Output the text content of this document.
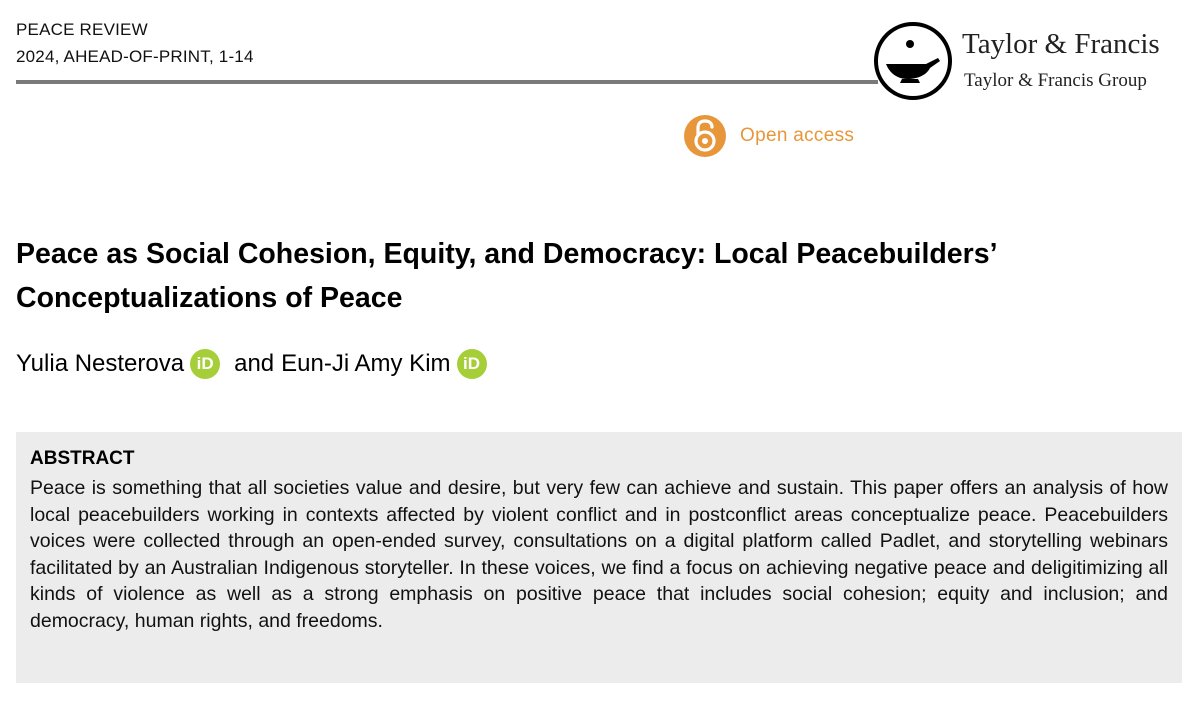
PEACE REVIEW
2024, AHEAD-OF-PRINT, 1-14	Taylor & Francis
Taylor & Francis Group
Open access
Peace as Social Cohesion, Equity, and Democracy: Local Peacebuilders’ Conceptualizations of Peace
Yulia Nesterova iD and Eun-Ji Amy Kim iD
ABSTRACT

Peace is something that all societies value and desire, but very few can achieve and sustain. This paper offers an analysis of how local peacebuilders working in contexts affected by violent conflict and in postconflict areas conceptualize peace. Peacebuilders voices were collected through an open-ended survey, consultations on a digital platform called Padlet, and storytelling webinars facilitated by an Australian Indigenous storyteller. In these voices, we find a focus on achieving negative peace and deligitimizing all kinds of violence as well as a strong emphasis on positive peace that includes social cohesion; equity and inclusion; and democracy, human rights, and freedoms.
